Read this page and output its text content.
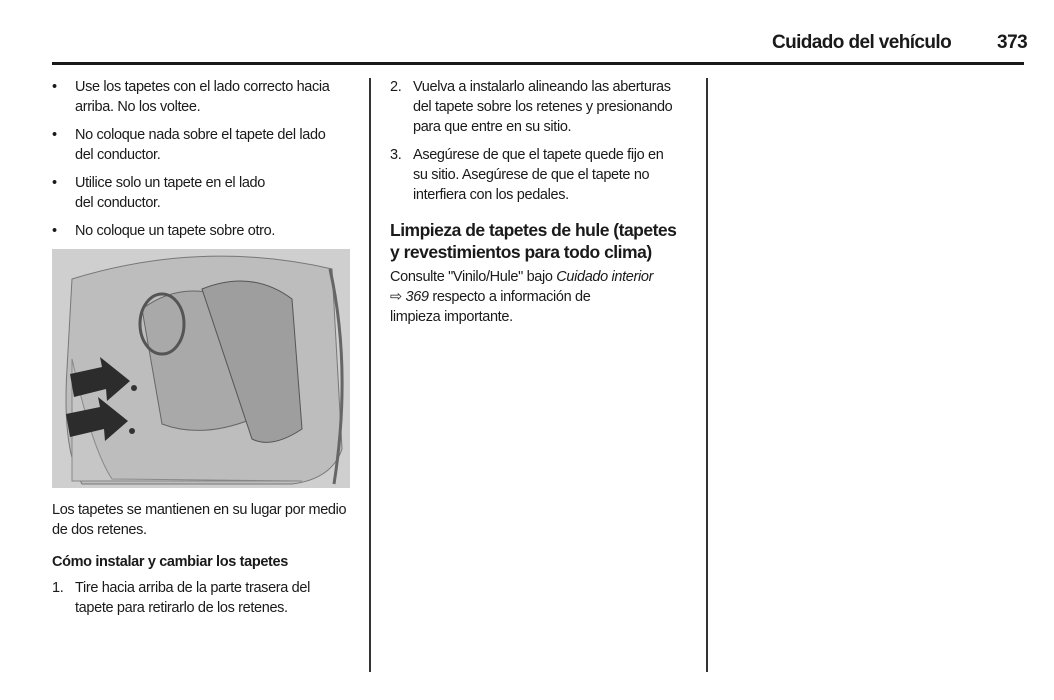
Cuidado del vehículo 373
• Use los tapetes con el lado correcto hacia
arriba. No los voltee.
• No coloque nada sobre el tapete del lado
del conductor.
• Utilice solo un tapete en el lado
del conductor.
• No coloque un tapete sobre otro.
Los tapetes se mantienen en su lugar por medio
de dos retenes.
Cómo instalar y cambiar los tapetes
1. Tire hacia arriba de la parte trasera del
tapete para retirarlo de los retenes.
2. Vuelva a instalarlo alineando las aberturas
del tapete sobre los retenes y presionando
para que entre en su sitio.
3. Asegúrese de que el tapete quede fijo en
su sitio. Asegúrese de que el tapete no
interfiera con los pedales.
Limpieza de tapetes de hule (tapetes
y revestimientos para todo clima)
Consulte "Vinilo/Hule" bajo Cuidado interior
⇨ 369 respecto a información de
limpieza importante.
